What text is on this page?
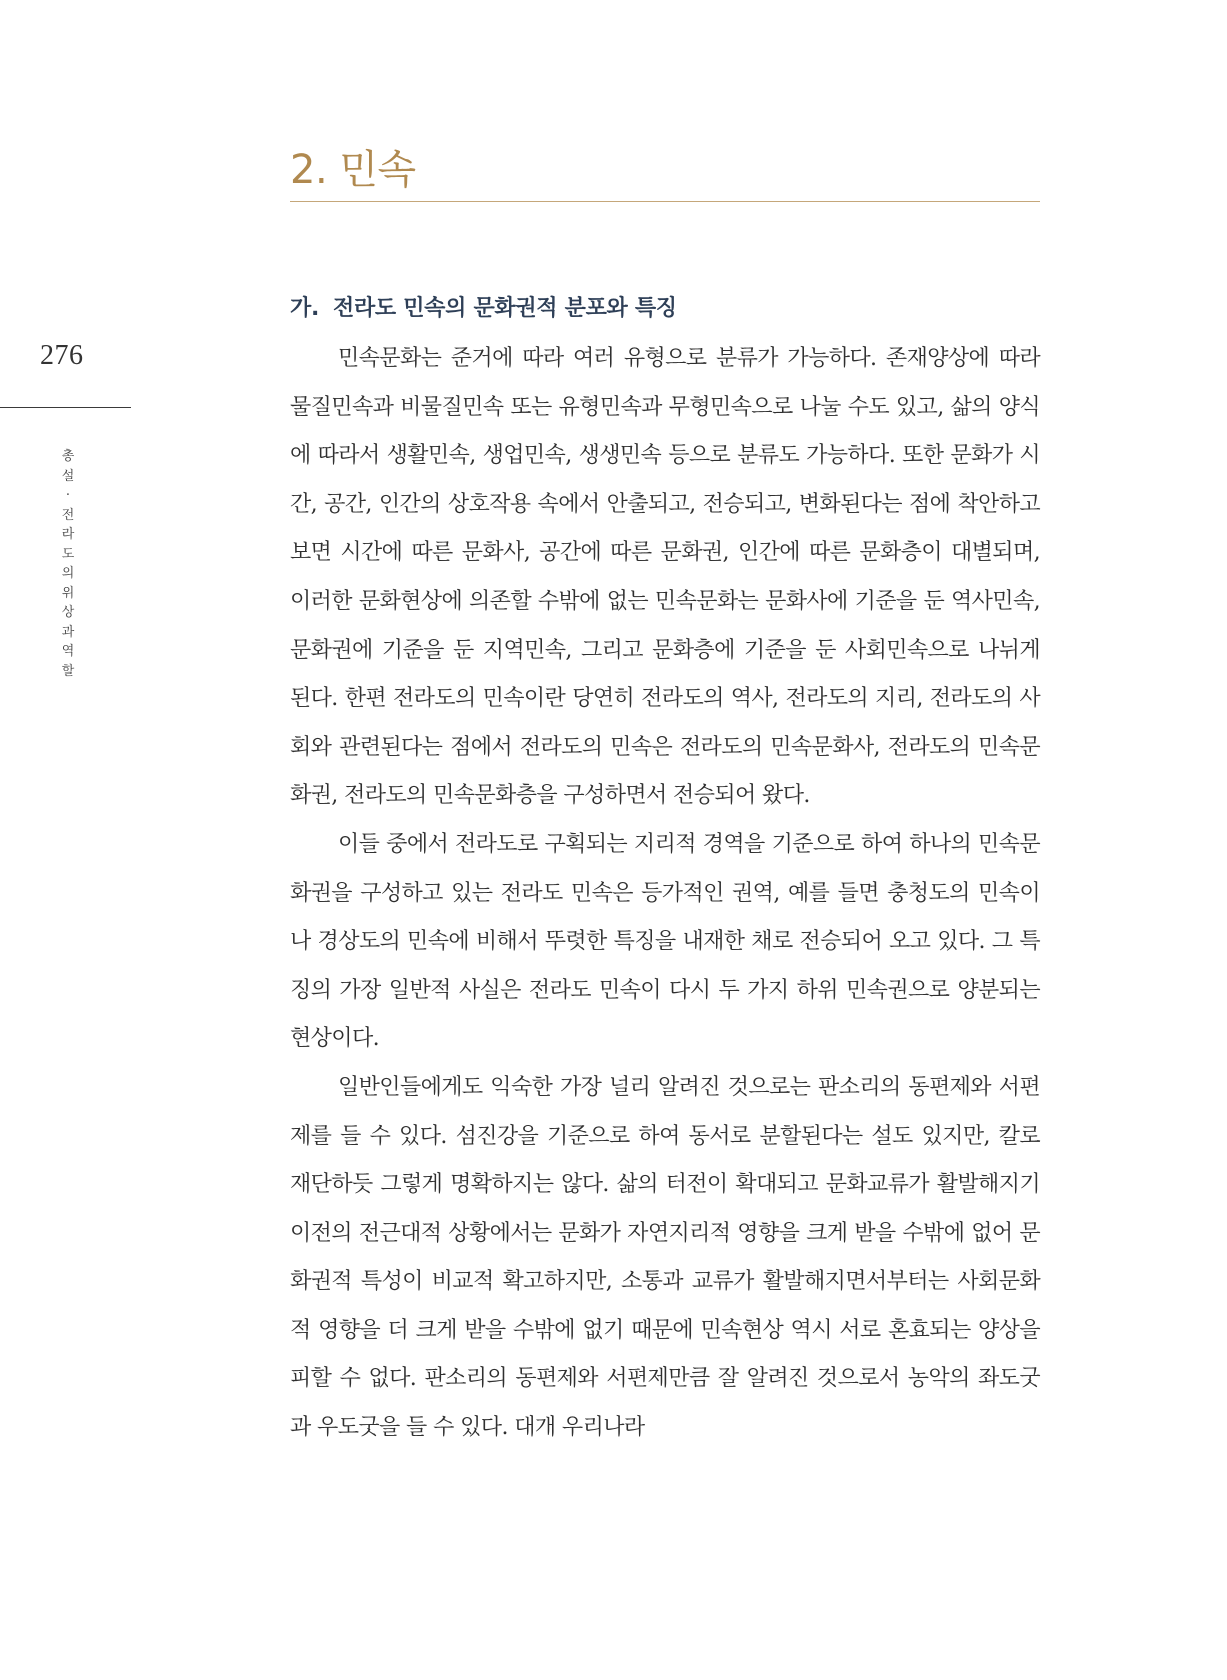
276
총
설
·
전
라
도
의
위
상
과
역
할
2. 민속
가. 전라도 민속의 문화권적 분포와 특징

민속문화는 준거에 따라 여러 유형으로 분류가 가능하다. 존재양상에 따라 물질민속과 비물질민속 또는 유형민속과 무형민속으로 나눌 수도 있고, 삶의 양식에 따라서 생활민속, 생업민속, 생생민속 등으로 분류도 가능하다. 또한 문화가 시간, 공간, 인간의 상호작용 속에서 안출되고, 전승되고, 변화된다는 점에 착안하고 보면 시간에 따른 문화사, 공간에 따른 문화권, 인간에 따른 문화층이 대별되며, 이러한 문화현상에 의존할 수밖에 없는 민속문화는 문화사에 기준을 둔 역사민속, 문화권에 기준을 둔 지역민속, 그리고 문화층에 기준을 둔 사회민속으로 나뉘게 된다. 한편 전라도의 민속이란 당연히 전라도의 역사, 전라도의 지리, 전라도의 사회와 관련된다는 점에서 전라도의 민속은 전라도의 민속문화사, 전라도의 민속문화권, 전라도의 민속문화층을 구성하면서 전승되어 왔다.

이들 중에서 전라도로 구획되는 지리적 경역을 기준으로 하여 하나의 민속문화권을 구성하고 있는 전라도 민속은 등가적인 권역, 예를 들면 충청도의 민속이나 경상도의 민속에 비해서 뚜렷한 특징을 내재한 채로 전승되어 오고 있다. 그 특징의 가장 일반적 사실은 전라도 민속이 다시 두 가지 하위 민속권으로 양분되는 현상이다.

일반인들에게도 익숙한 가장 널리 알려진 것으로는 판소리의 동편제와 서편제를 들 수 있다. 섬진강을 기준으로 하여 동서로 분할된다는 설도 있지만, 칼로 재단하듯 그렇게 명확하지는 않다. 삶의 터전이 확대되고 문화교류가 활발해지기 이전의 전근대적 상황에서는 문화가 자연지리적 영향을 크게 받을 수밖에 없어 문화권적 특성이 비교적 확고하지만, 소통과 교류가 활발해지면서부터는 사회문화적 영향을 더 크게 받을 수밖에 없기 때문에 민속현상 역시 서로 혼효되는 양상을 피할 수 없다. 판소리의 동편제와 서편제만큼 잘 알려진 것으로서 농악의 좌도굿과 우도굿을 들 수 있다. 대개 우리나라
